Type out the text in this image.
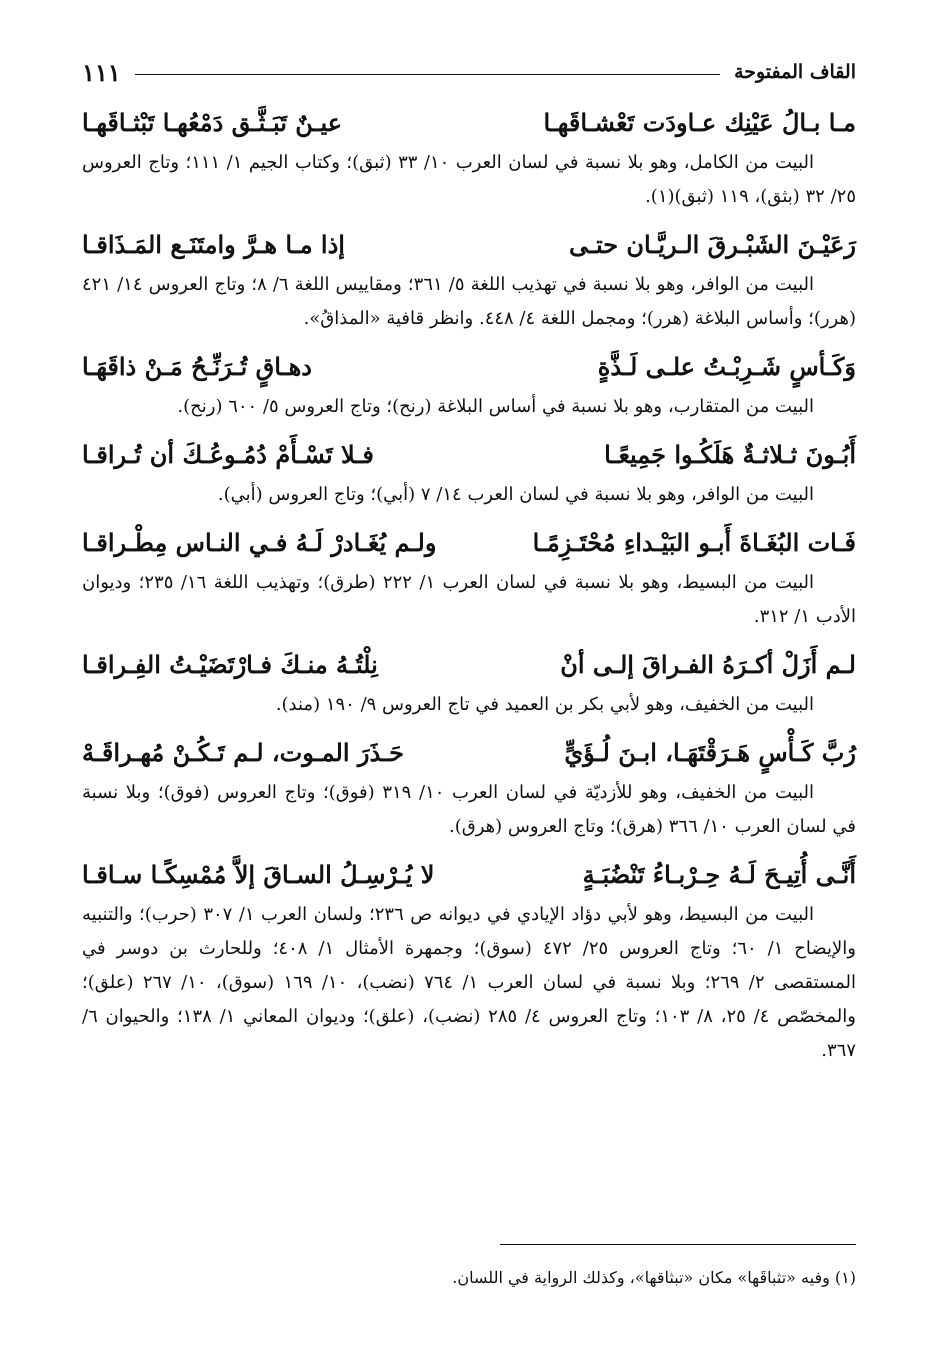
القاف المفتوحة
١١١
مـا بـالُ عَيْنِك عـاودَت تَعْشـاقَهـا
عيـنٌ تَبَـثَّـق دَمْعُهـا تَبْثـاقَهـا

البيت من الكامل، وهو بلا نسبة في لسان العرب ١٠/ ٣٣ (ثبق)؛ وكتاب الجيم ١/ ١١١؛ وتاج العروس ٢٥/ ٣٢ (بثق)، ١١٩ (ثبق)(١).

رَعَيْـنَ الشَبْـرقَ الـريَّـان حتـى
إذا مـا هـرَّ وامتَنَـع المَـذَاقـا

البيت من الوافر، وهو بلا نسبة في تهذيب اللغة ٥/ ٣٦١؛ ومقاييس اللغة ٦/ ٨؛ وتاج العروس ١٤/ ٤٢١ (هرر)؛ وأساس البلاغة (هرر)؛ ومجمل اللغة ٤/ ٤٤٨. وانظر قافية «المذاقُ».

وَكَـأسٍ شَـرِبْـتُ علـى لَـذَّةٍ
دهـاقٍ تُـرَنِّـحُ مَـنْ ذاقَهَـا

البيت من المتقارب، وهو بلا نسبة في أساس البلاغة (رنح)؛ وتاج العروس ٥/ ٦٠٠ (رنح).

أَبُـونَ ثـلاثـةٌ هَلَكُـوا جَمِيعًـا
فـلا تَسْـأَمْ دُمُـوعُـكَ أن تُـراقـا

البيت من الوافر، وهو بلا نسبة في لسان العرب ١٤/ ٧ (أبي)؛ وتاج العروس (أبي).

فَـات البُغَـاةَ أَبـو البَيْـداءِ مُحْتَـزِمًـا
ولـم يُغَـادرْ لَـهُ فـي النـاس مِطْـراقـا

البيت من البسيط، وهو بلا نسبة في لسان العرب ١/ ٢٢٢ (طرق)؛ وتهذيب اللغة ١٦/ ٢٣٥؛ وديوان الأدب ١/ ٣١٢.

لـم أَزَلْ أكـرَهُ الفـراقَ إلـى أنْ
نِلْتُـهُ منـكَ فـارْتَضَيْـتُ الفِـراقـا

البيت من الخفيف، وهو لأبي بكر بن العميد في تاج العروس ٩/ ١٩٠ (مند).

رُبَّ كَـأْسٍ هَـرَقْتَهَـا، ابـنَ لُـؤَيٍّ
حَـذَرَ المـوت، لـم تَـكُـنْ مُهـراقَـهْ

البيت من الخفيف، وهو للأزديّة في لسان العرب ١٠/ ٣١٩ (فوق)؛ وتاج العروس (فوق)؛ وبلا نسبة في لسان العرب ١٠/ ٣٦٦ (هرق)؛ وتاج العروس (هرق).

أَنَّـى أُتِيـحَ لَـهُ حِـرْبـاءُ تَنْضُبَـةٍ
لا يُـرْسِـلُ السـاقَ إلاَّ مُمْسِكًـا سـاقـا

البيت من البسيط، وهو لأبي دؤاد الإيادي في ديوانه ص ٢٣٦؛ ولسان العرب ١/ ٣٠٧ (حرب)؛ والتنبيه والإيضاح ١/ ٦٠؛ وتاج العروس ٢٥/ ٤٧٢ (سوق)؛ وجمهرة الأمثال ١/ ٤٠٨؛ وللحارث بن دوسر في المستقصى ٢/ ٢٦٩؛ وبلا نسبة في لسان العرب ١/ ٧٦٤ (نضب)، ١٠/ ١٦٩ (سوق)، ١٠/ ٢٦٧ (علق)؛ والمخصّص ٤/ ٢٥، ٨/ ١٠٣؛ وتاج العروس ٤/ ٢٨٥ (نضب)، (علق)؛ وديوان المعاني ١/ ١٣٨؛ والحيوان ٦/ ٣٦٧.

(١) وفيه «تثباقَها» مكان «تبثاقها»، وكذلك الرواية في اللسان.
